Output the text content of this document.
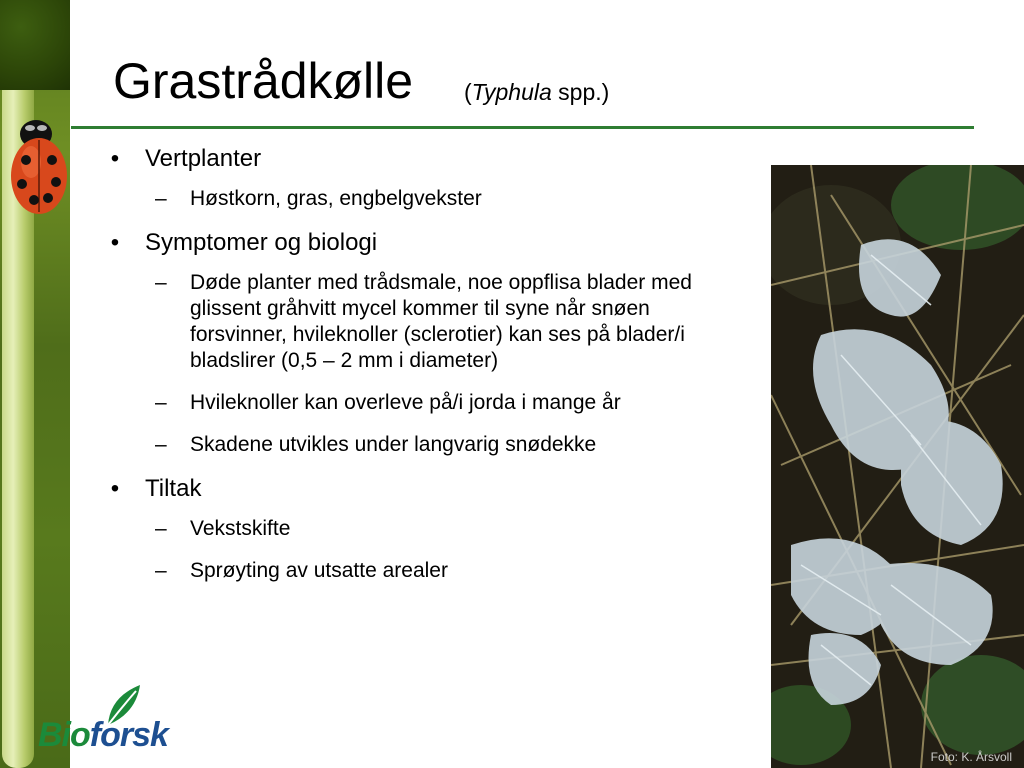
Grastrådkølle (Typhula spp.)
• Vertplanter
– Høstkorn, gras, engbelgvekster
• Symptomer og biologi
– Døde planter med trådsmale, noe oppflisa blader med glissent gråhvitt mycel kommer til syne når snøen forsvinner, hvileknoller (sclerotier) kan ses på blader/i bladslirer (0,5 – 2 mm i diameter)
– Hvileknoller kan overleve på/i jorda i mange år
– Skadene utvikles under langvarig snødekke
• Tiltak
– Vekstskifte
– Sprøyting av utsatte arealer
Foto: K. Årsvoll
Bioforsk
